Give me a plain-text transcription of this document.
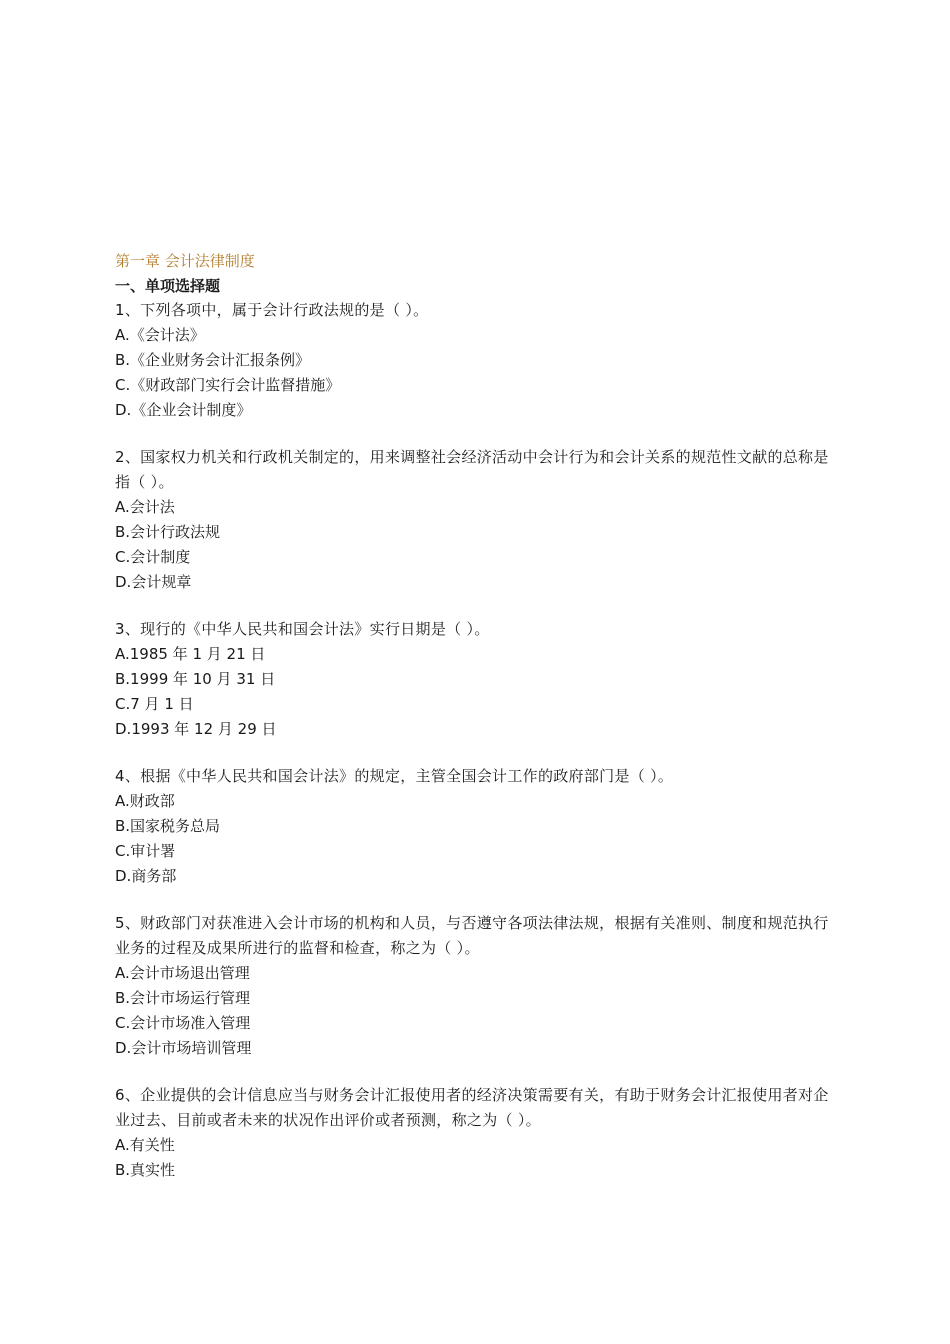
第一章 会计法律制度
一、单项选择题
1、下列各项中，属于会计行政法规的是（ ）。
A.《会计法》
B.《企业财务会计汇报条例》
C.《财政部门实行会计监督措施》
D.《企业会计制度》
2、国家权力机关和行政机关制定的，用来调整社会经济活动中会计行为和会计关系的规范性文献的总称是指（ ）。
A.会计法
B.会计行政法规
C.会计制度
D.会计规章
3、现行的《中华人民共和国会计法》实行日期是（ ）。
A.1985 年 1 月 21 日
B.1999 年 10 月 31 日
C.7 月 1 日
D.1993 年 12 月 29 日
4、根据《中华人民共和国会计法》的规定，主管全国会计工作的政府部门是（ ）。
A.财政部
B.国家税务总局
C.审计署
D.商务部
5、财政部门对获准进入会计市场的机构和人员，与否遵守各项法律法规，根据有关准则、制度和规范执行业务的过程及成果所进行的监督和检查，称之为（ ）。
A.会计市场退出管理
B.会计市场运行管理
C.会计市场准入管理
D.会计市场培训管理
6、企业提供的会计信息应当与财务会计汇报使用者的经济决策需要有关，有助于财务会计汇报使用者对企业过去、目前或者未来的状况作出评价或者预测，称之为（ ）。
A.有关性
B.真实性
